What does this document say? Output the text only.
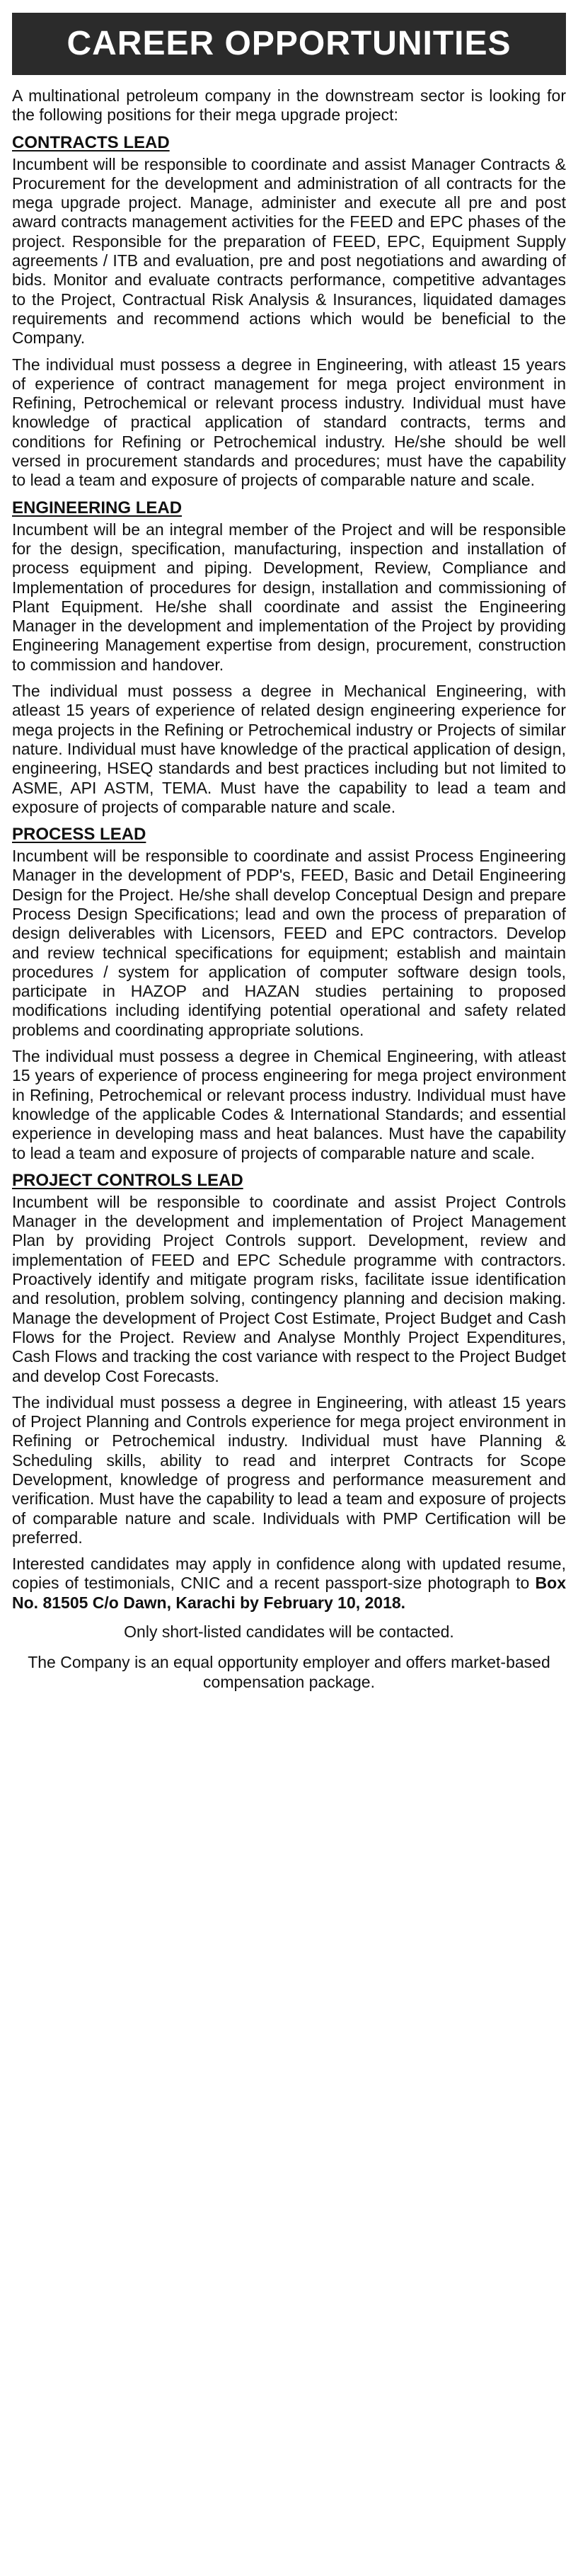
CAREER OPPORTUNITIES

A multinational petroleum company in the downstream sector is looking for the following positions for their mega upgrade project:

CONTRACTS LEAD

Incumbent will be responsible to coordinate and assist Manager Contracts & Procurement for the development and administration of all contracts for the mega upgrade project. Manage, administer and execute all pre and post award contracts management activities for the FEED and EPC phases of the project. Responsible for the preparation of FEED, EPC, Equipment Supply agreements / ITB and evaluation, pre and post negotiations and awarding of bids. Monitor and evaluate contracts performance, competitive advantages to the Project, Contractual Risk Analysis & Insurances, liquidated damages requirements and recommend actions which would be beneficial to the Company.

The individual must possess a degree in Engineering, with atleast 15 years of experience of contract management for mega project environment in Refining, Petrochemical or relevant process industry. Individual must have knowledge of practical application of standard contracts, terms and conditions for Refining or Petrochemical industry. He/she should be well versed in procurement standards and procedures; must have the capability to lead a team and exposure of projects of comparable nature and scale.

ENGINEERING LEAD

Incumbent will be an integral member of the Project and will be responsible for the design, specification, manufacturing, inspection and installation of process equipment and piping. Development, Review, Compliance and Implementation of procedures for design, installation and commissioning of Plant Equipment. He/she shall coordinate and assist the Engineering Manager in the development and implementation of the Project by providing Engineering Management expertise from design, procurement, construction to commission and handover.

The individual must possess a degree in Mechanical Engineering, with atleast 15 years of experience of related design engineering experience for mega projects in the Refining or Petrochemical industry or Projects of similar nature. Individual must have knowledge of the practical application of design, engineering, HSEQ standards and best practices including but not limited to ASME, API ASTM, TEMA. Must have the capability to lead a team and exposure of projects of comparable nature and scale.

PROCESS LEAD

Incumbent will be responsible to coordinate and assist Process Engineering Manager in the development of PDP's, FEED, Basic and Detail Engineering Design for the Project. He/she shall develop Conceptual Design and prepare Process Design Specifications; lead and own the process of preparation of design deliverables with Licensors, FEED and EPC contractors. Develop and review technical specifications for equipment; establish and maintain procedures / system for application of computer software design tools, participate in HAZOP and HAZAN studies pertaining to proposed modifications including identifying potential operational and safety related problems and coordinating appropriate solutions.

The individual must possess a degree in Chemical Engineering, with atleast 15 years of experience of process engineering for mega project environment in Refining, Petrochemical or relevant process industry. Individual must have knowledge of the applicable Codes & International Standards; and essential experience in developing mass and heat balances. Must have the capability to lead a team and exposure of projects of comparable nature and scale.

PROJECT CONTROLS LEAD

Incumbent will be responsible to coordinate and assist Project Controls Manager in the development and implementation of Project Management Plan by providing Project Controls support. Development, review and implementation of FEED and EPC Schedule programme with contractors. Proactively identify and mitigate program risks, facilitate issue identification and resolution, problem solving, contingency planning and decision making. Manage the development of Project Cost Estimate, Project Budget and Cash Flows for the Project. Review and Analyse Monthly Project Expenditures, Cash Flows and tracking the cost variance with respect to the Project Budget and develop Cost Forecasts.

The individual must possess a degree in Engineering, with atleast 15 years of Project Planning and Controls experience for mega project environment in Refining or Petrochemical industry. Individual must have Planning & Scheduling skills, ability to read and interpret Contracts for Scope Development, knowledge of progress and performance measurement and verification. Must have the capability to lead a team and exposure of projects of comparable nature and scale. Individuals with PMP Certification will be preferred.

Interested candidates may apply in confidence along with updated resume, copies of testimonials, CNIC and a recent passport-size photograph to Box No. 81505 C/o Dawn, Karachi by February 10, 2018.

Only short-listed candidates will be contacted.

The Company is an equal opportunity employer and offers market-based compensation package.
